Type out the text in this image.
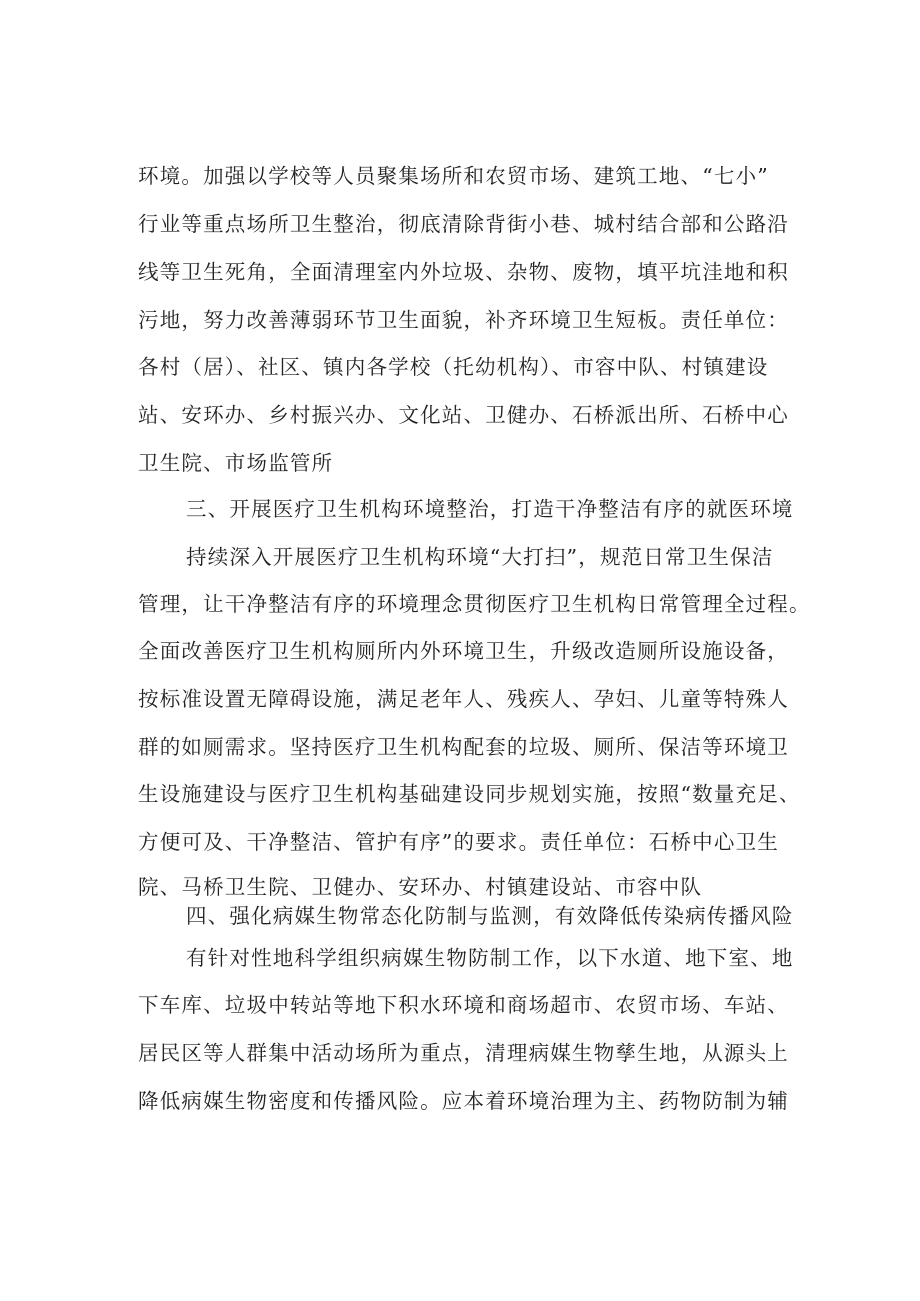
环境。加强以学校等人员聚集场所和农贸市场、建筑工地、“七小”
行业等重点场所卫生整治，彻底清除背街小巷、城村结合部和公路沿
线等卫生死角，全面清理室内外垃圾、杂物、废物，填平坑洼地和积
污地，努力改善薄弱环节卫生面貌，补齐环境卫生短板。责任单位：
各村（居）、社区、镇内各学校（托幼机构）、市容中队、村镇建设
站、安环办、乡村振兴办、文化站、卫健办、石桥派出所、石桥中心
卫生院、市场监管所
三、开展医疗卫生机构环境整治，打造干净整洁有序的就医环境
持续深入开展医疗卫生机构环境“大打扫”，规范日常卫生保洁
管理，让干净整洁有序的环境理念贯彻医疗卫生机构日常管理全过程。
全面改善医疗卫生机构厕所内外环境卫生，升级改造厕所设施设备，
按标准设置无障碍设施，满足老年人、残疾人、孕妇、儿童等特殊人
群的如厕需求。坚持医疗卫生机构配套的垃圾、厕所、保洁等环境卫
生设施建设与医疗卫生机构基础建设同步规划实施，按照“数量充足、
方便可及、干净整洁、管护有序”的要求。责任单位：石桥中心卫生
院、马桥卫生院、卫健办、安环办、村镇建设站、市容中队
四、强化病媒生物常态化防制与监测，有效降低传染病传播风险
有针对性地科学组织病媒生物防制工作，以下水道、地下室、地
下车库、垃圾中转站等地下积水环境和商场超市、农贸市场、车站、
居民区等人群集中活动场所为重点，清理病媒生物孳生地，从源头上
降低病媒生物密度和传播风险。应本着环境治理为主、药物防制为辅
